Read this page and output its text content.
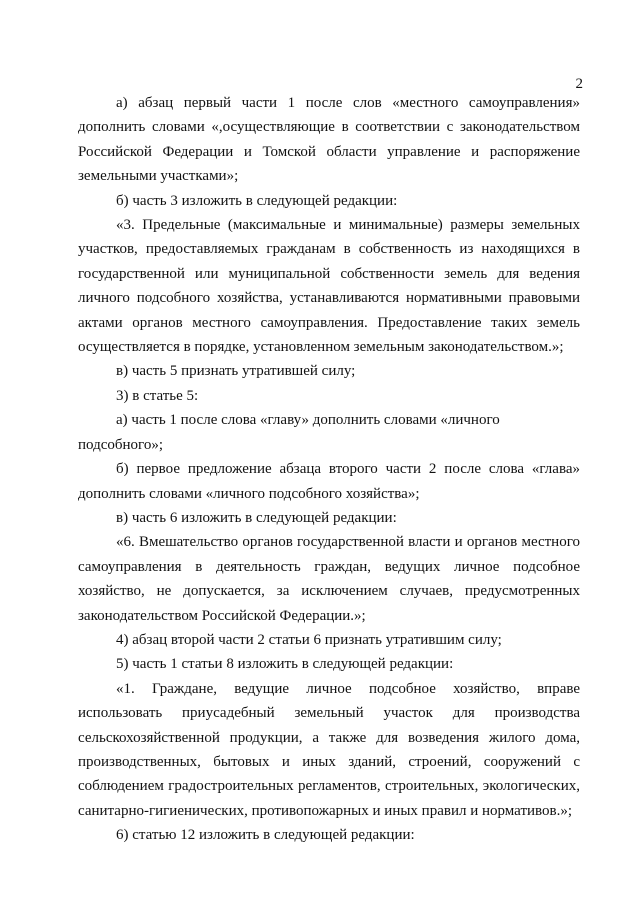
2

а) абзац первый части 1 после слов «местного самоуправления» дополнить словами «,осуществляющие в соответствии с законодательством Российской Федерации и Томской области управление и распоряжение земельными участками»;

б) часть 3 изложить в следующей редакции:

«3. Предельные (максимальные и минимальные) размеры земельных участков, предоставляемых гражданам в собственность из находящихся в государственной или муниципальной собственности земель для ведения личного подсобного хозяйства, устанавливаются нормативными правовыми актами органов местного самоуправления. Предоставление таких земель осуществляется в порядке, установленном земельным законодательством.»;

в) часть 5 признать утратившей силу;

3) в статье 5:

а) часть 1 после слова «главу» дополнить словами «личного подсобного»;

б) первое предложение абзаца второго части 2 после слова «глава» дополнить словами «личного подсобного хозяйства»;

в) часть 6 изложить в следующей редакции:

«6. Вмешательство органов государственной власти и органов местного самоуправления в деятельность граждан, ведущих личное подсобное хозяйство, не допускается, за исключением случаев, предусмотренных законодательством Российской Федерации.»;

4) абзац второй части 2 статьи 6 признать утратившим силу;

5) часть 1 статьи 8 изложить в следующей редакции:

«1. Граждане, ведущие личное подсобное хозяйство, вправе использовать приусадебный земельный участок для производства сельскохозяйственной продукции, а также для возведения жилого дома, производственных, бытовых и иных зданий, строений, сооружений с соблюдением градостроительных регламентов, строительных, экологических, санитарно-гигиенических, противопожарных и иных правил и нормативов.»;

6) статью 12 изложить в следующей редакции:
